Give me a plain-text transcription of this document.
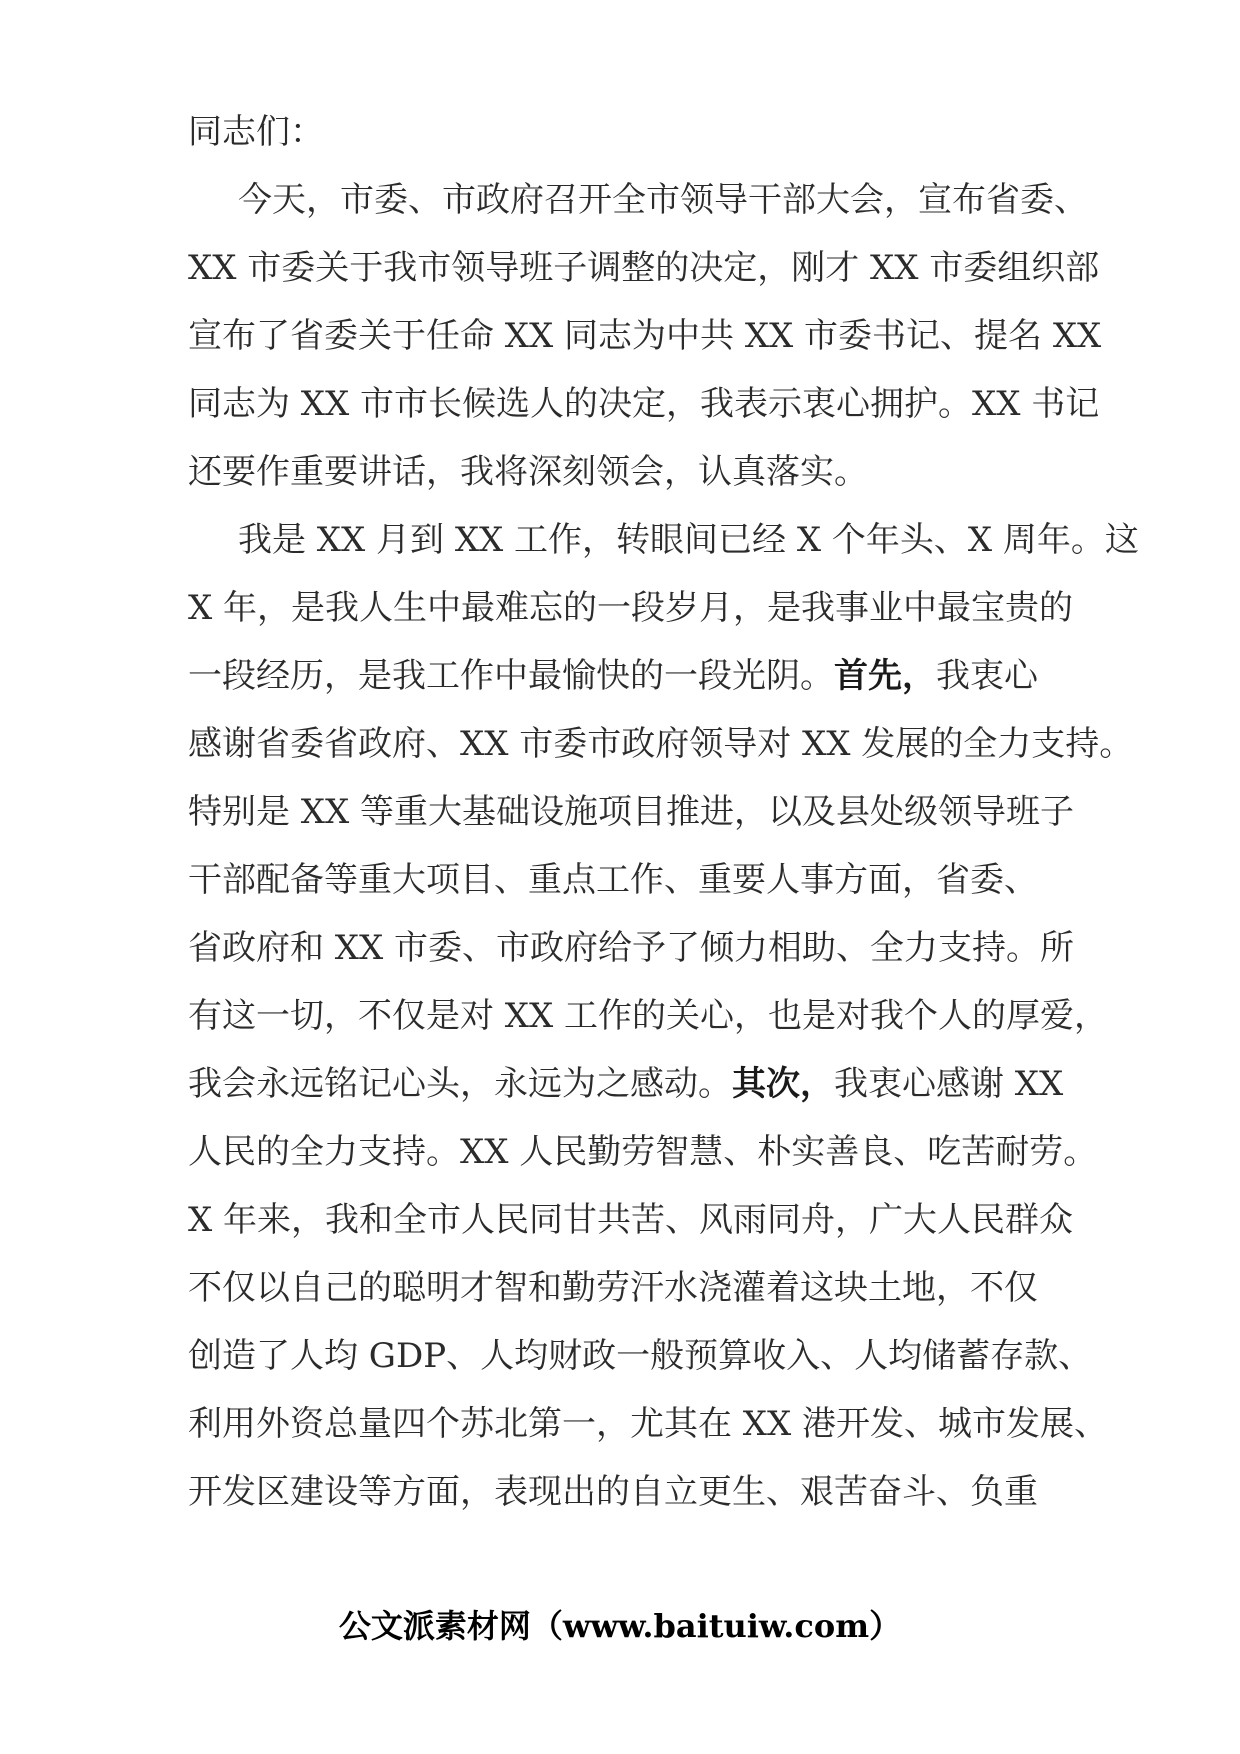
同志们：
今天，市委、市政府召开全市领导干部大会，宣布省委、
XX 市委关于我市领导班子调整的决定，刚才 XX 市委组织部
宣布了省委关于任命 XX 同志为中共 XX 市委书记、提名 XX
同志为 XX 市市长候选人的决定，我表示衷心拥护。XX 书记
还要作重要讲话，我将深刻领会，认真落实。
我是 XX 月到 XX 工作，转眼间已经 X 个年头、X 周年。这
X 年，是我人生中最难忘的一段岁月，是我事业中最宝贵的
一段经历，是我工作中最愉快的一段光阴。首先，我衷心
感谢省委省政府、XX 市委市政府领导对 XX 发展的全力支持。
特别是 XX 等重大基础设施项目推进，以及县处级领导班子
干部配备等重大项目、重点工作、重要人事方面，省委、
省政府和 XX 市委、市政府给予了倾力相助、全力支持。所
有这一切，不仅是对 XX 工作的关心，也是对我个人的厚爱，
我会永远铭记心头，永远为之感动。其次，我衷心感谢 XX
人民的全力支持。XX 人民勤劳智慧、朴实善良、吃苦耐劳。
X 年来，我和全市人民同甘共苦、风雨同舟，广大人民群众
不仅以自己的聪明才智和勤劳汗水浇灌着这块土地，不仅
创造了人均 GDP、人均财政一般预算收入、人均储蓄存款、
利用外资总量四个苏北第一，尤其在 XX 港开发、城市发展、
开发区建设等方面，表现出的自立更生、艰苦奋斗、负重
公文派素材网（www.baituiw.com）
